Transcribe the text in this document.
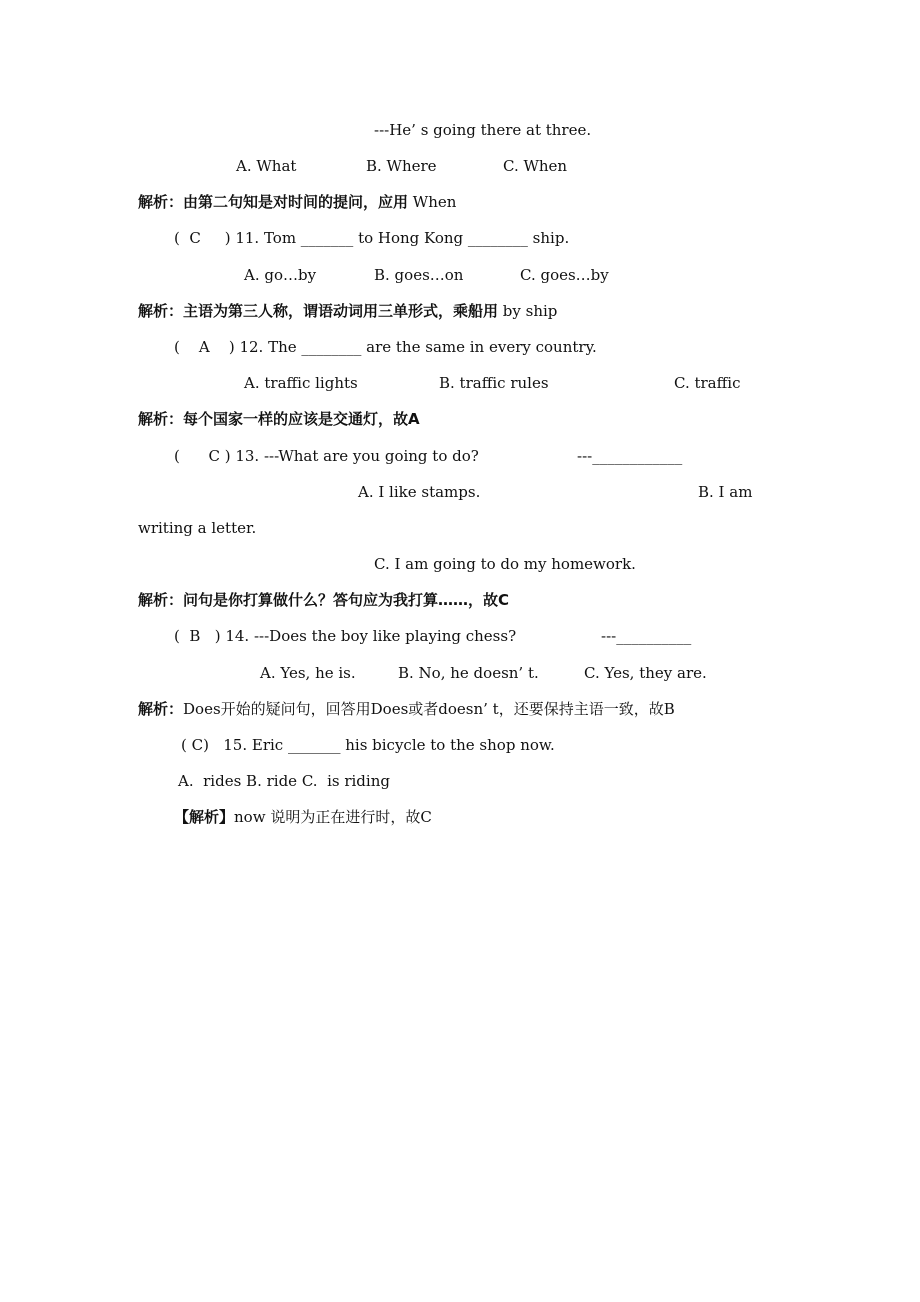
---He’ s going there at three.
A. What	B. Where	C. When
解析：由第二句知是对时间的提问，应用 When
(  C     ) 11. Tom _______ to Hong Kong ________ ship.
A. go…by	B. goes…on	C. goes…by
解析：主语为第三人称，谓语动词用三单形式，乘船用 by ship
(    A    ) 12. The ________ are the same in every country.
A. traffic lights	B. traffic rules	C. traffic
解析：每个国家一样的应该是交通灯，故A
(      C ) 13. ---What are you going to do?	---____________
A. I like stamps.	B. I am
writing a letter.
C. I am going to do my homework.
解析：问句是你打算做什么？答句应为我打算……，故C
(  B   ) 14. ---Does the boy like playing chess?	---__________
A. Yes, he is.	B. No, he doesn’ t.	C. Yes, they are.
解析：Does开始的疑问句，回答用Does或者doesn’ t，还要保持主语一致，故B
( C)   15. Eric _______ his bicycle to the shop now.
A.  rides B. ride C.  is riding
【解析】now 说明为正在进行时，故C
